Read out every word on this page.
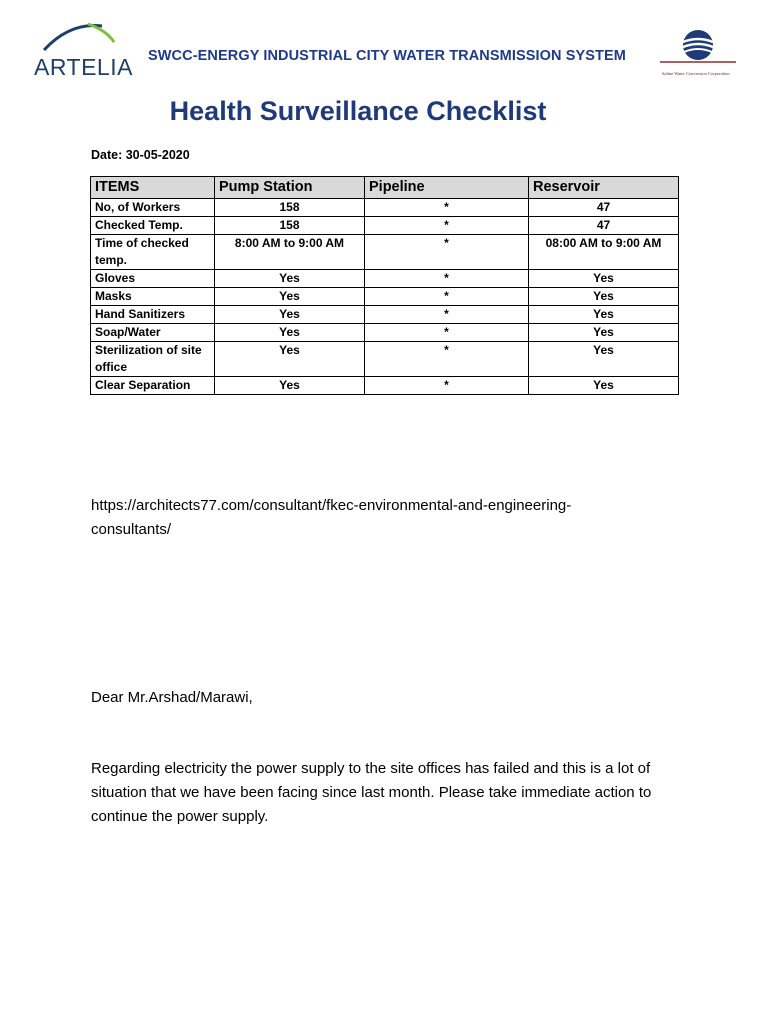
ARTELIA SWCC-ENERGY INDUSTRIAL CITY WATER TRANSMISSION SYSTEM
Saline Water Conversion Corporation
Health Surveillance Checklist
Date: 30-05-2020
ITEMS	Pump Station	Pipeline	Reservoir
No, of Workers	158	*	47
Checked Temp.	158	*	47
Time of checked temp.	8:00 AM to 9:00 AM	*	08:00 AM to 9:00 AM
Gloves	Yes	*	Yes
Masks	Yes	*	Yes
Hand Sanitizers	Yes	*	Yes
Soap/Water	Yes	*	Yes
Sterilization of site office	Yes	*	Yes
Clear Separation	Yes	*	Yes
https://architects77.com/consultant/fkec-environmental-and-engineering-consultants/
Dear Mr.Arshad/Marawi,
Regarding electricity the power supply to the site offices has failed and this is a lot of situation that we have been facing since last month. Please take immediate action to continue the power supply.
